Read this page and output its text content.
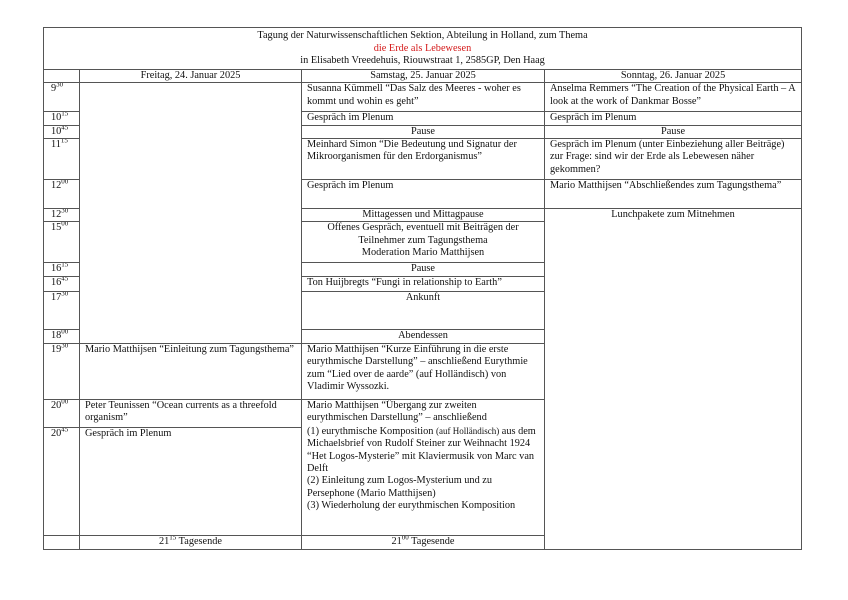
Tagung der Naturwissenschaftlichen Sektion, Abteilung in Holland, zum Thema
die Erde als Lebewesen
in Elisabeth Vreedehuis, Riouwstraat 1, 2585GP, Den Haag				

	Freitag, 24. Januar 2025	Samstag, 25. Januar 2025	Sonntag, 26. Januar 2025	
$9^{30}$		Susanna Kümmell “Das Salz des Meeres - woher es kommt und wohin es geht”	Anselma Remmers “The Creation of the Physical Earth – A look at the work of Dankmar Bosse”	
$10^{15}$		Gespräch im Plenum	Gespräch im Plenum	
$10^{45}$		Pause	Pause	
$11^{15}$		Meinhard Simon “Die Bedeutung und Signatur der Mikroorganismen für den Erdorganismus”	Gespräch im Plenum (unter Einbeziehung aller Beiträge) zur Frage: sind wir der Erde als Lebewesen näher gekommen?	
$12^{00}$		Gespräch im Plenum	Mario Matthijsen “Abschließendes zum Tagungsthema”	
$12^{30}$		Mittagessen und Mittagpause	Lunchpakete zum Mitnehmen	
$15^{00}$		Offenes Gespräch, eventuell mit Beiträgen der
Teilnehmer zum Tagungsthema
Moderation Mario Matthijsen		

$16^{15}$		Pause		
$16^{45}$		Ton Huijbregts “Fungi in relationship to Earth”		
$17^{30}$		Ankunft	
$18^{00}$		Abendessen	
$19^{30}$	Mario Matthijsen “Einleitung zum Tagungsthema”	Mario Matthijsen “Kurze Einführung in die erste eurythmische Darstellung” – anschließend Eurythmie zum “Lied over de aarde” (auf Holländisch) von Vladimir Wyssozki.		
$20^{00}$	Peter Teunissen “Ocean currents as a threefold organism”	Mario Matthijsen “Übergang zur zweiten eurythmischen Darstellung” – anschließend
(1) eurythmische Komposition (auf Holländisch) aus dem Michaelsbrief von Rudolf Steiner zur Weihnacht 1924 “Het Logos-Mysterie” mit Klaviermusik von Marc van Delft
(2) Einleitung zum Logos-Mysterium und zu Persephone (Mario Matthijsen)
(3) Wiederholung der eurythmischen Komposition		
$20^{45}$	Gespräch im Plenum			
	$21^{15}$ Tagesende	$21^{00}$ Tagesende		
